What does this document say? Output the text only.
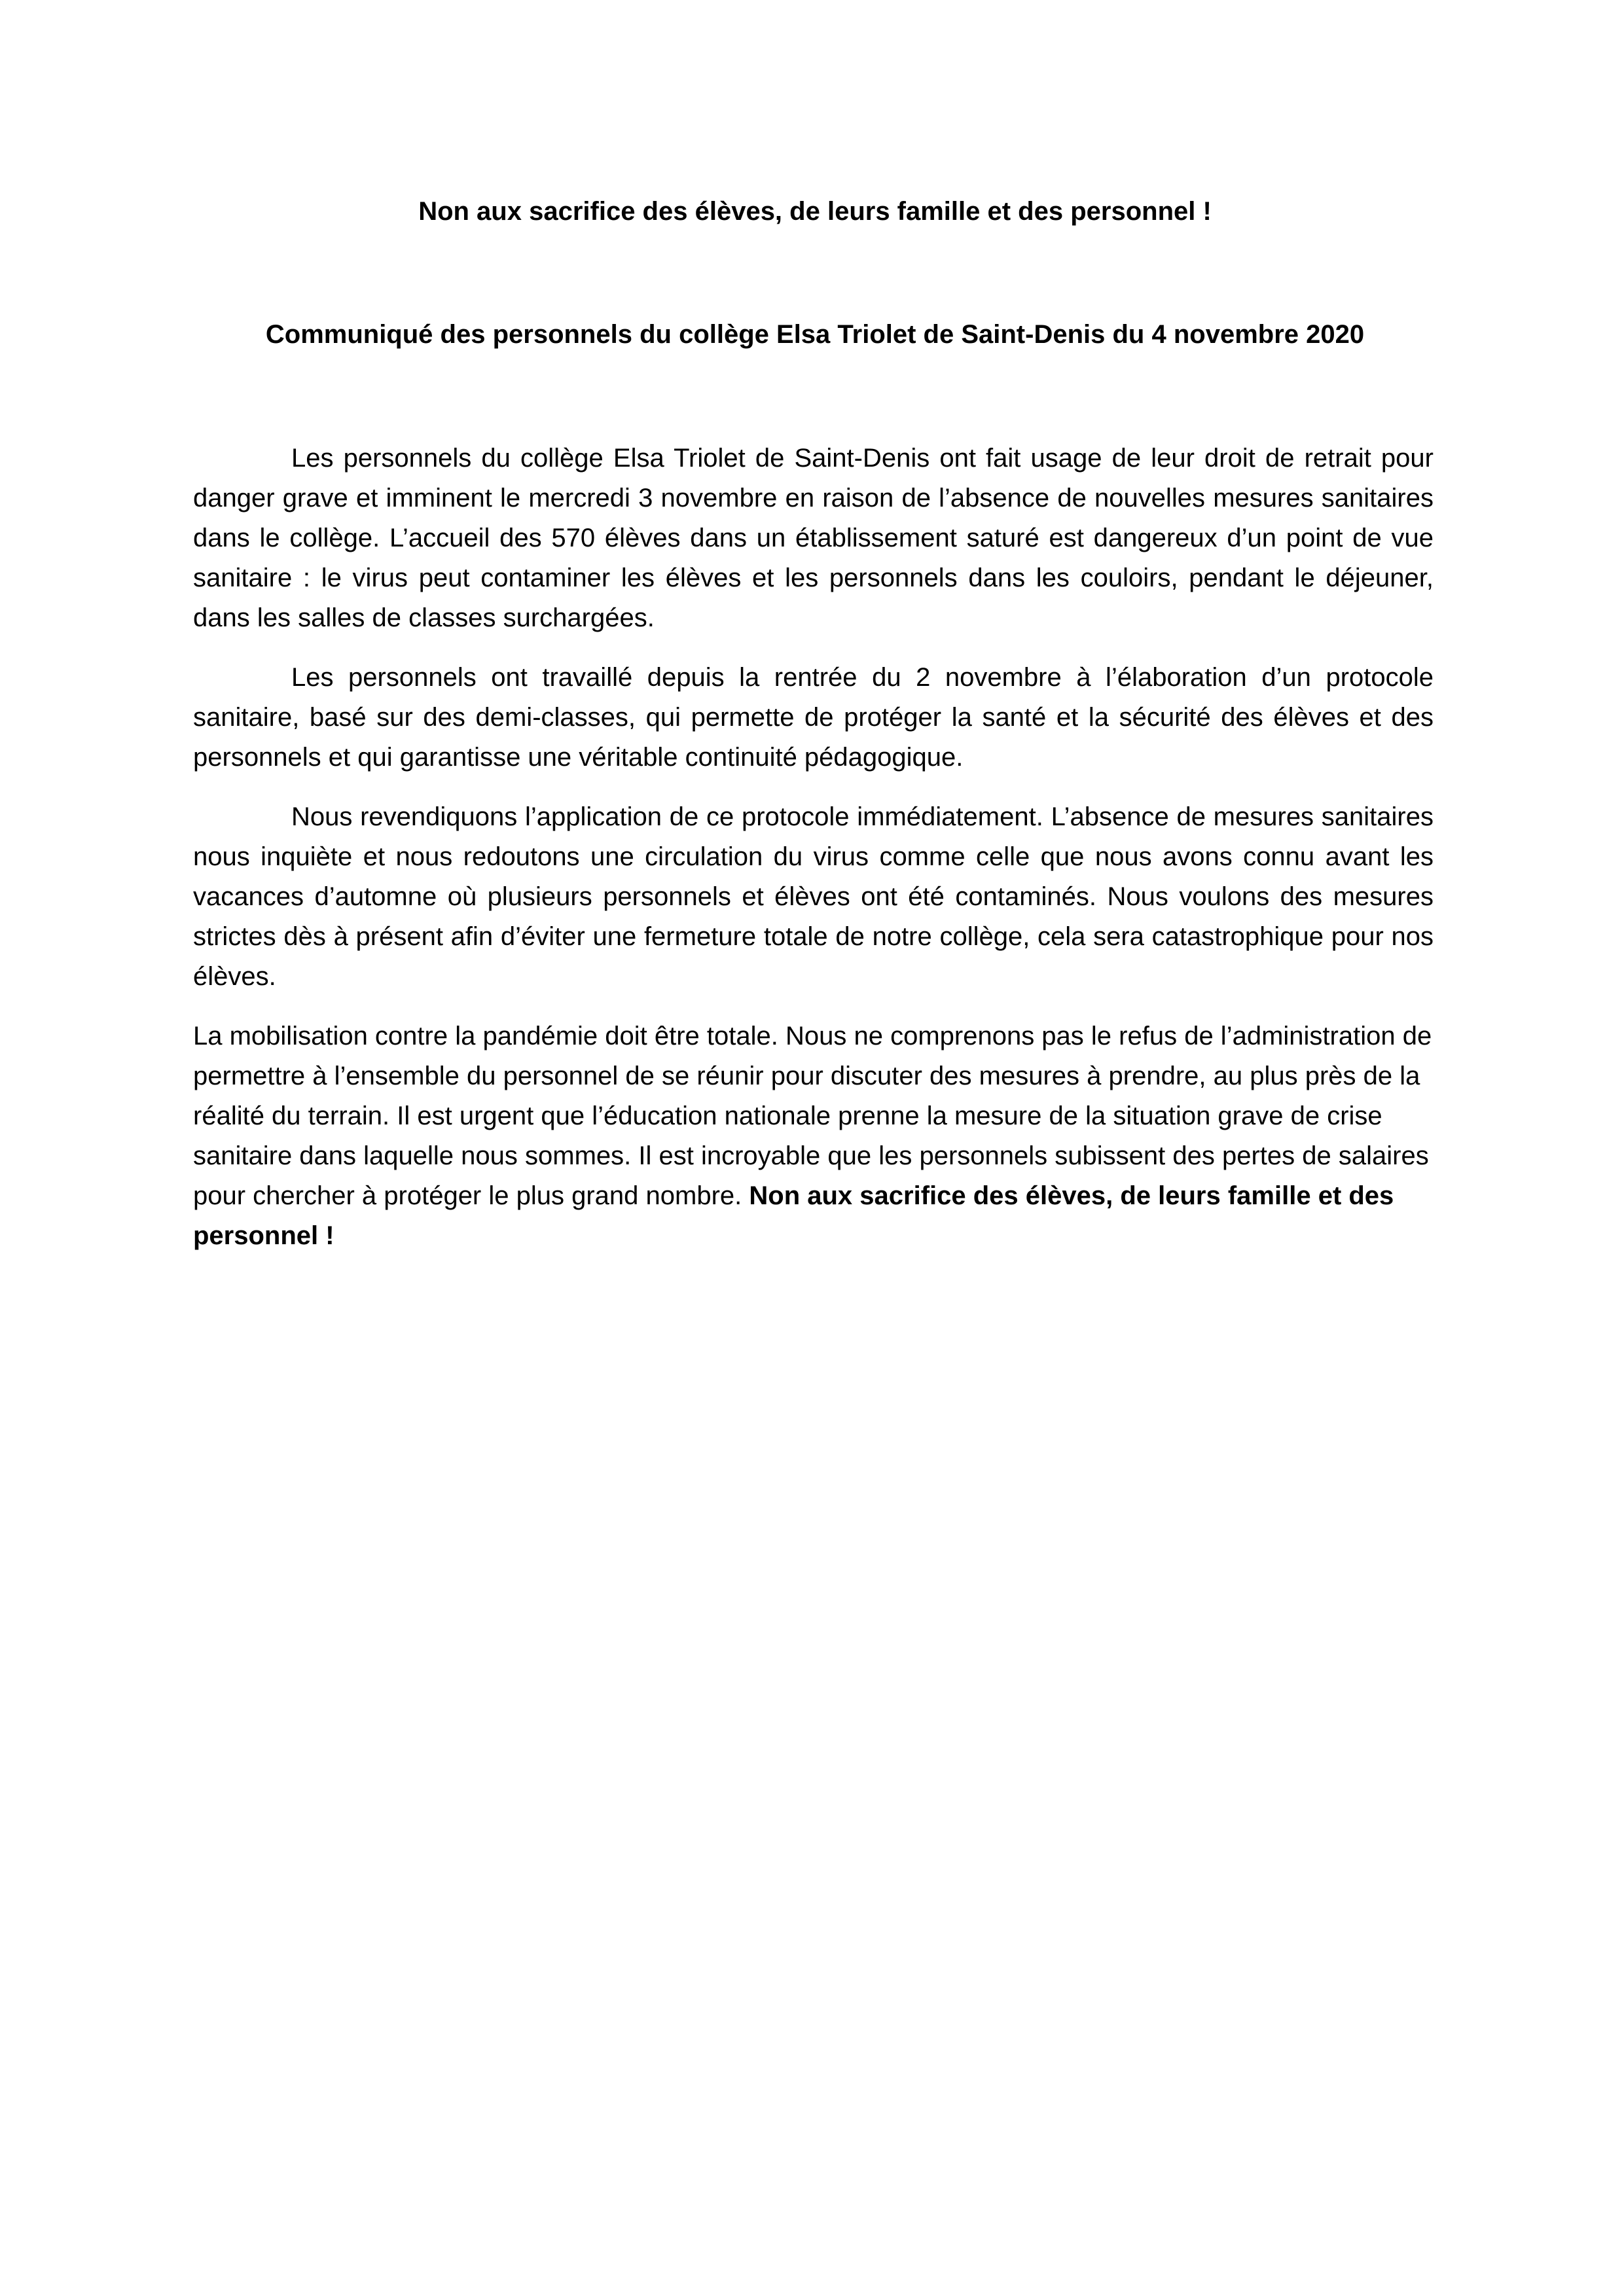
Non aux sacrifice des élèves, de leurs famille et des personnel !
Communiqué des personnels du collège Elsa Triolet de Saint-Denis du 4 novembre 2020

Les personnels du collège Elsa Triolet de Saint-Denis ont fait usage de leur droit de retrait pour danger grave et imminent le mercredi 3 novembre en raison de l’absence de nouvelles mesures sanitaires dans le collège. L’accueil des 570 élèves dans un établissement saturé est dangereux d’un point de vue sanitaire : le virus peut contaminer les élèves et les personnels dans les couloirs, pendant le déjeuner, dans les salles de classes surchargées.

Les personnels ont travaillé depuis la rentrée du 2 novembre à l’élaboration d’un protocole sanitaire, basé sur des demi-classes, qui permette de protéger la santé et la sécurité des élèves et des personnels et qui garantisse une véritable continuité pédagogique.

Nous revendiquons l’application de ce protocole immédiatement. L’absence de mesures sanitaires nous inquiète et nous redoutons une circulation du virus comme celle que nous avons connu avant les vacances d’automne où plusieurs personnels et élèves ont été contaminés. Nous voulons des mesures strictes dès à présent afin d’éviter une fermeture totale de notre collège, cela sera catastrophique pour nos élèves.

La mobilisation contre la pandémie doit être totale. Nous ne comprenons pas le refus de l’administration de permettre à l’ensemble du personnel de se réunir pour discuter des mesures à prendre, au plus près de la réalité du terrain. Il est urgent que l’éducation nationale prenne la mesure de la situation grave de crise sanitaire dans laquelle nous sommes. Il est incroyable que les personnels subissent des pertes de salaires pour chercher à protéger le plus grand nombre. Non aux sacrifice des élèves, de leurs famille et des personnel !
